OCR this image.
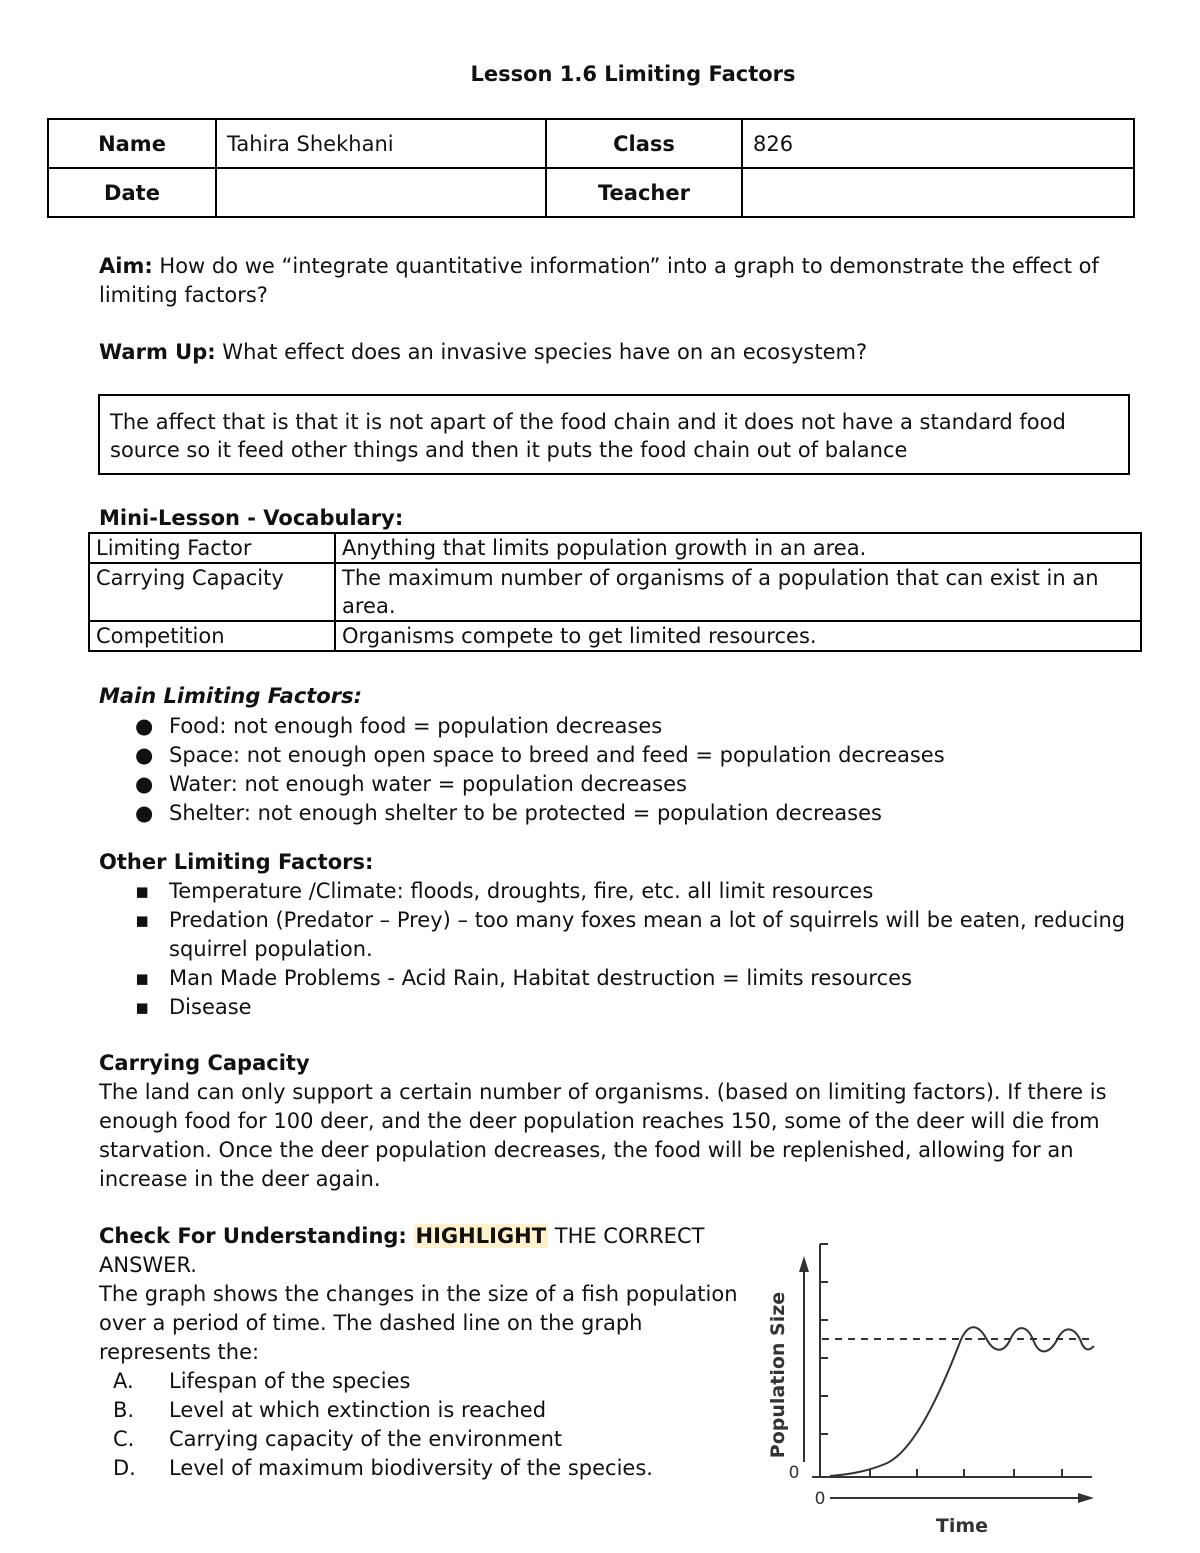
Lesson 1.6 Limiting Factors
Name	Tahira Shekhani	Class	826
Date		Teacher	
Aim: How do we “integrate quantitative information” into a graph to demonstrate the effect of limiting factors?
Warm Up: What effect does an invasive species have on an ecosystem?
The affect that is that it is not apart of the food chain and it does not have a standard food source so it feed other things and then it puts the food chain out of balance
Mini-Lesson - Vocabulary:
Limiting Factor	Anything that limits population growth in an area.
Carrying Capacity	The maximum number of organisms of a population that can exist in an area.
Competition	Organisms compete to get limited resources.
Main Limiting Factors:
● Food: not enough food = population decreases
● Space: not enough open space to breed and feed = population decreases
● Water: not enough water = population decreases
● Shelter: not enough shelter to be protected = population decreases
Other Limiting Factors:
▪ Temperature /Climate: floods, droughts, fire, etc. all limit resources
▪ Predation (Predator – Prey) – too many foxes mean a lot of squirrels will be eaten, reducing squirrel population.
▪ Man Made Problems - Acid Rain, Habitat destruction = limits resources
▪ Disease
Carrying Capacity
The land can only support a certain number of organisms. (based on limiting factors). If there is enough food for 100 deer, and the deer population reaches 150, some of the deer will die from starvation. Once the deer population decreases, the food will be replenished, allowing for an increase in the deer again.
Check For Understanding: HIGHLIGHT THE CORRECT ANSWER.
The graph shows the changes in the size of a fish population over a period of time. The dashed line on the graph represents the:
A. Lifespan of the species
B. Level at which extinction is reached
C. Carrying capacity of the environment
D. Level of maximum biodiversity of the species.	0
0
Time
Population Size
